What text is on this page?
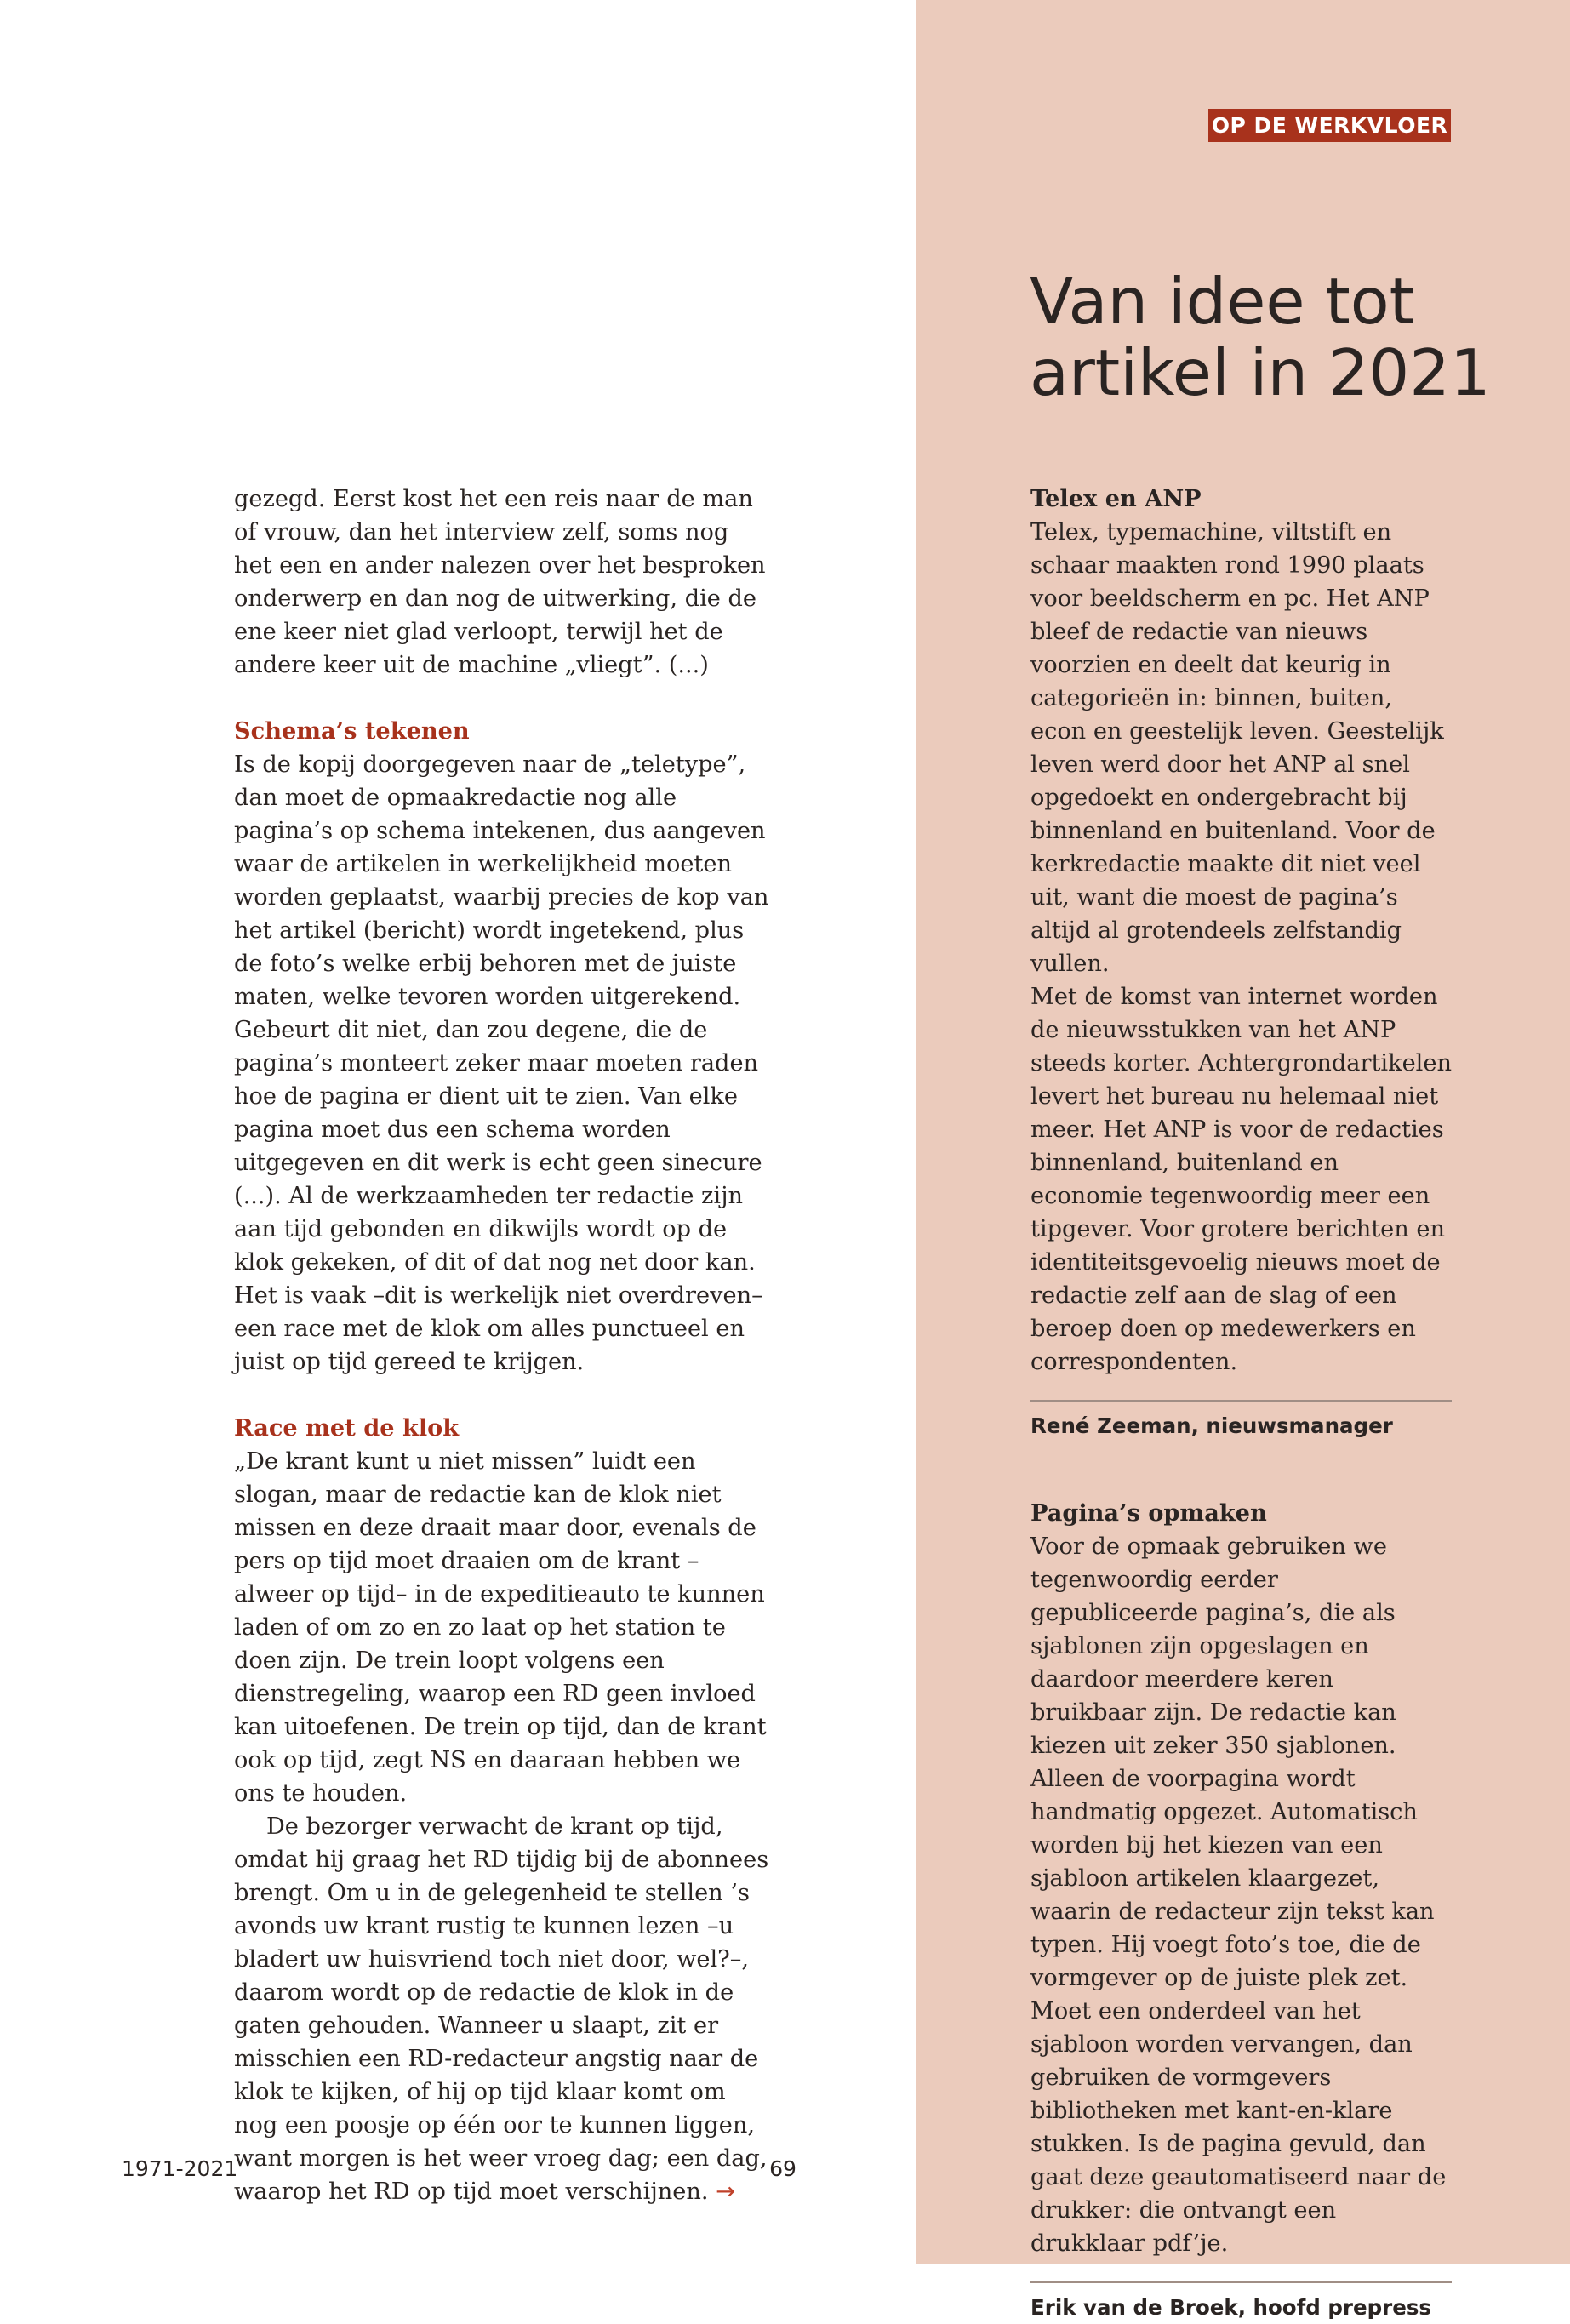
OP DE WERKVLOER
Van idee tot artikel in 2021

gezegd. Eerst kost het een reis naar de man of vrouw, dan het interview zelf, soms nog het een en ander nalezen over het besproken onderwerp en dan nog de uitwerking, die de ene keer niet glad verloopt, terwijl het de andere keer uit de machine „vliegt”. (...)

Schema’s tekenen

Is de kopij doorgegeven naar de „teletype”, dan moet de opmaakredactie nog alle pagina’s op schema intekenen, dus aangeven waar de artikelen in werkelijkheid moeten worden geplaatst, waarbij precies de kop van het artikel (bericht) wordt ingetekend, plus de foto’s welke erbij behoren met de juiste maten, welke tevoren worden uitgerekend. Gebeurt dit niet, dan zou degene, die de pagina’s monteert zeker maar moeten raden hoe de pagina er dient uit te zien. Van elke pagina moet dus een schema worden uitgegeven en dit werk is echt geen sinecure (...). Al de werkzaamheden ter redactie zijn aan tijd gebonden en dikwijls wordt op de klok gekeken, of dit of dat nog net door kan. Het is vaak –dit is werkelijk niet overdreven– een race met de klok om alles punctueel en juist op tijd gereed te krijgen.

Race met de klok

„De krant kunt u niet missen” luidt een slogan, maar de redactie kan de klok niet missen en deze draait maar door, evenals de pers op tijd moet draaien om de krant –alweer op tijd– in de expeditieauto te kunnen laden of om zo en zo laat op het station te doen zijn. De trein loopt volgens een dienstregeling, waarop een RD geen invloed kan uitoefenen. De trein op tijd, dan de krant ook op tijd, zegt NS en daaraan hebben we ons te houden.

De bezorger verwacht de krant op tijd, omdat hij graag het RD tijdig bij de abonnees brengt. Om u in de gelegenheid te stellen ’s avonds uw krant rustig te kunnen lezen –u bladert uw huisvriend toch niet door, wel?–, daarom wordt op de redactie de klok in de gaten gehouden. Wanneer u slaapt, zit er misschien een RD-redacteur angstig naar de klok te kijken, of hij op tijd klaar komt om nog een poosje op één oor te kunnen liggen, want morgen is het weer vroeg dag; een dag, waarop het RD op tijd moet verschijnen. →

Telex en ANP

Telex, typemachine, viltstift en schaar maakten rond 1990 plaats voor beeldscherm en pc. Het ANP bleef de redactie van nieuws voorzien en deelt dat keurig in categorieën in: binnen, buiten, econ en geestelijk leven. Geestelijk leven werd door het ANP al snel opgedoekt en ondergebracht bij binnenland en buitenland. Voor de kerkredactie maakte dit niet veel uit, want die moest de pagina’s altijd al grotendeels zelfstandig vullen.

Met de komst van internet worden de nieuwsstukken van het ANP steeds korter. Achtergrondartikelen levert het bureau nu helemaal niet meer. Het ANP is voor de redacties binnenland, buitenland en economie tegenwoordig meer een tipgever. Voor grotere berichten en identiteitsgevoelig nieuws moet de redactie zelf aan de slag of een beroep doen op medewerkers en correspondenten.

René Zeeman, nieuwsmanager

Pagina’s opmaken

Voor de opmaak gebruiken we tegenwoordig eerder gepubliceerde pagina’s, die als sjablonen zijn opgeslagen en daardoor meerdere keren bruikbaar zijn. De redactie kan kiezen uit zeker 350 sjablonen. Alleen de voorpagina wordt handmatig opgezet. Automatisch worden bij het kiezen van een sjabloon artikelen klaargezet, waarin de redacteur zijn tekst kan typen. Hij voegt foto’s toe, die de vormgever op de juiste plek zet. Moet een onderdeel van het sjabloon worden vervangen, dan gebruiken de vormgevers bibliotheken met kant-en-klare stukken. Is de pagina gevuld, dan gaat deze geautomatiseerd naar de drukker: die ontvangt een drukklaar pdf’je.

Erik van de Broek, hoofd prepress
1971-2021	69
